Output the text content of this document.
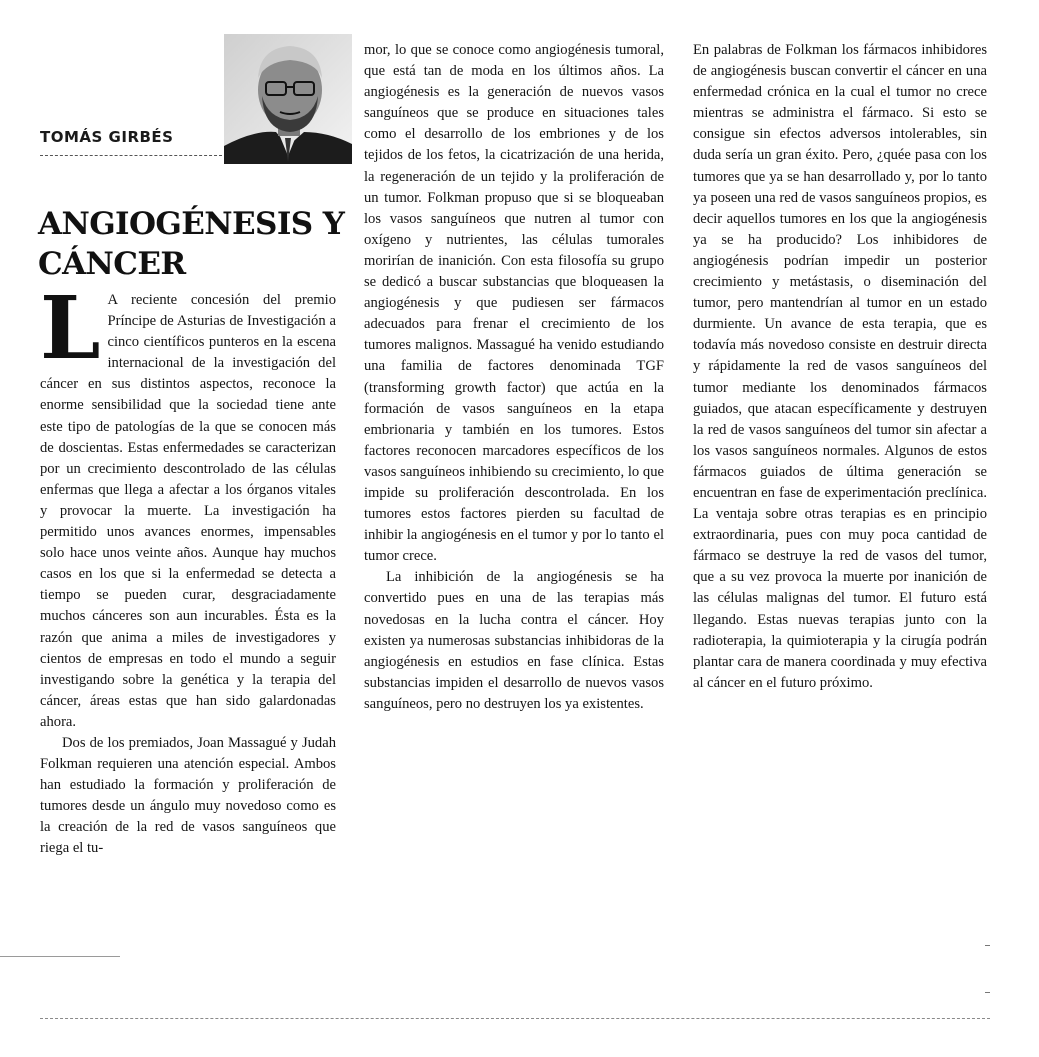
TOMÁS GIRBÉS
ANGIOGÉNESIS Y CÁNCER

L A reciente concesión del premio Príncipe de Asturias de Investigación a cinco científicos punteros en la escena internacional de la investigación del cáncer en sus distintos aspectos, reconoce la enorme sensibilidad que la sociedad tiene ante este tipo de patologías de la que se conocen más de doscientas. Estas enfermedades se caracterizan por un crecimiento descontrolado de las células enfermas que llega a afectar a los órganos vitales y provocar la muerte. La investigación ha permitido unos avances enormes, impensables solo hace unos veinte años. Aunque hay muchos casos en los que si la enfermedad se detecta a tiempo se pueden curar, desgraciadamente muchos cánceres son aun incurables. Ésta es la razón que anima a miles de investigadores y cientos de empresas en todo el mundo a seguir investigando sobre la genética y la terapia del cáncer, áreas estas que han sido galardonadas ahora.

Dos de los premiados, Joan Massagué y Judah Folkman requieren una atención especial. Ambos han estudiado la formación y proliferación de tumores desde un ángulo muy novedoso como es la creación de la red de vasos sanguíneos que riega el tu-

mor, lo que se conoce como angiogénesis tumoral, que está tan de moda en los últimos años. La angiogénesis es la generación de nuevos vasos sanguíneos que se produce en situaciones tales como el desarrollo de los embriones y de los tejidos de los fetos, la cicatrización de una herida, la regeneración de un tejido y la proliferación de un tumor. Folkman propuso que si se bloqueaban los vasos sanguíneos que nutren al tumor con oxígeno y nutrientes, las células tumorales morirían de inanición. Con esta filosofía su grupo se dedicó a buscar substancias que bloqueasen la angiogénesis y que pudiesen ser fármacos adecuados para frenar el crecimiento de los tumores malignos. Massagué ha venido estudiando una familia de factores denominada TGF (transforming growth factor) que actúa en la formación de vasos sanguíneos en la etapa embrionaria y también en los tumores. Estos factores reconocen marcadores específicos de los vasos sanguíneos inhibiendo su crecimiento, lo que impide su proliferación descontrolada. En los tumores estos factores pierden su facultad de inhibir la angiogénesis en el tumor y por lo tanto el tumor crece.

La inhibición de la angiogénesis se ha convertido pues en una de las terapias más novedosas en la lucha contra el cáncer. Hoy existen ya numerosas substancias inhibidoras de la angiogénesis en estudios en fase clínica. Estas substancias impiden el desarrollo de nuevos vasos sanguíneos, pero no destruyen los ya existentes.

En palabras de Folkman los fármacos inhibidores de angiogénesis buscan convertir el cáncer en una enfermedad crónica en la cual el tumor no crece mientras se administra el fármaco. Si esto se consigue sin efectos adversos intolerables, sin duda sería un gran éxito. Pero, ¿quée pasa con los tumores que ya se han desarrollado y, por lo tanto ya poseen una red de vasos sanguíneos propios, es decir aquellos tumores en los que la angiogénesis ya se ha producido? Los inhibidores de angiogénesis podrían impedir un posterior crecimiento y metástasis, o diseminación del tumor, pero mantendrían al tumor en un estado durmiente. Un avance de esta terapia, que es todavía más novedoso consiste en destruir directa y rápidamente la red de vasos sanguíneos del tumor mediante los denominados fármacos guiados, que atacan específicamente y destruyen la red de vasos sanguíneos del tumor sin afectar a los vasos sanguíneos normales. Algunos de estos fármacos guiados de última generación se encuentran en fase de experimentación preclínica. La ventaja sobre otras terapias es en principio extraordinaria, pues con muy poca cantidad de fármaco se destruye la red de vasos del tumor, que a su vez provoca la muerte por inanición de las células malignas del tumor. El futuro está llegando. Estas nuevas terapias junto con la radioterapia, la quimioterapia y la cirugía podrán plantar cara de manera coordinada y muy efectiva al cáncer en el futuro próximo.
